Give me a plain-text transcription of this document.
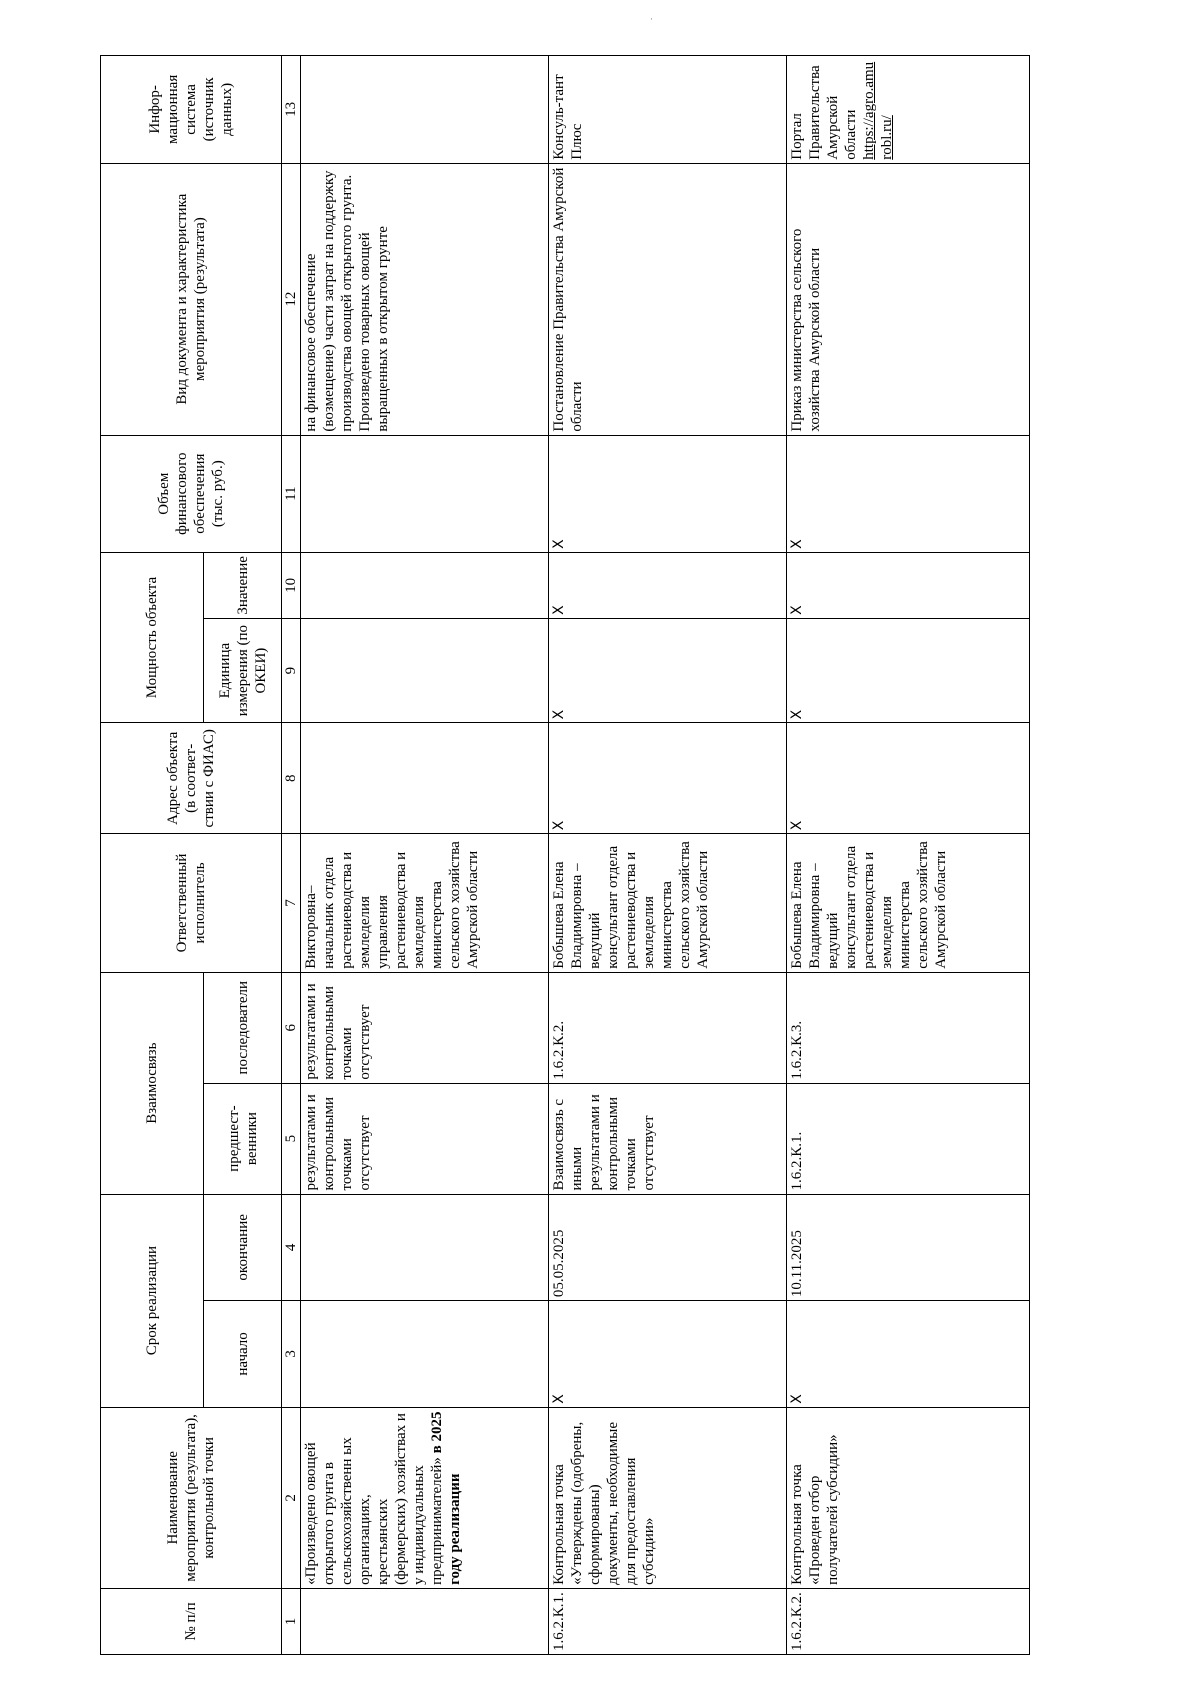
·
№ п/п	Наименование мероприятия (результата), контрольной точки	Срок реализации		Взаимосвязь		Ответственный исполнитель	Адрес объекта (в соответ-ствии с ФИАС)	Мощность объекта		Объем финансового обеспечения (тыс. руб.)	Вид документа и характеристика мероприятия (результата)	Инфор-мационная система (источник данных)
		начало	окончание	предшест-венники	последователи			Единица измерения (по ОКЕИ)	Значение			
1	2	3	4	5	6	7	8	9	10	11	12	13
	«Произведено овощей открытого грунта в сельскохозяйственн ых организациях, крестьянских (фермерских) хозяйствах и у индивидуальных предпринимателей» в 2025 году реализации			результатами и контрольными точками отсутствует	результатами и контрольными точками отсутствует	Викторовна– начальник отдела растениеводства и земледелия управления растениеводства и земледелия министерства сельского хозяйства Амурской области					на финансовое обеспечение (возмещение) части затрат на поддержку производства овощей открытого грунта. Произведено товарных овощей выращенных в открытом грунте	
1.6.2.К.1.	Контрольная точка «Утверждены (одобрены, сформированы) документы, необходимые для предоставления субсидии»	X	05.05.2025	Взаимосвязь с иными результатами и контрольными точками отсутствует	1.6.2.К.2.	Бобышева Елена Владимировна – ведущий консультант отдела растениеводства и земледелия министерства сельского хозяйства Амурской области	X	X	X	X	Постановление Правительства Амурской области	Консуль-тант Плюс
1.6.2.К.2.	Контрольная точка «Проведен отбор получателей субсидии»	X	10.11.2025	1.6.2.К.1.	1.6.2.К.3.	Бобышева Елена Владимировна – ведущий консультант отдела растениеводства и земледелия министерства сельского хозяйства Амурской области	X	X	X	X	Приказ министерства сельского хозяйства Амурской области	Портал Правительства Амурской области https://agro.amurobl.ru/
